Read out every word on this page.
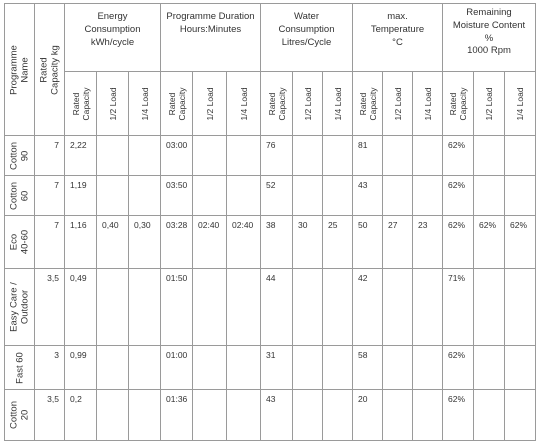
Programme Name	Rated Capacity kg	Energy
Consumption
kWh/cycle			Programme Duration
Hours:Minutes			Water
Consumption
Litres/Cycle			max.
Temperature
°C			Remaining
Moisture Content
%
1000 Rpm		

		Rated Capacity	1/2 Load	1/4 Load	Rated Capacity	1/2 Load	1/4 Load	Rated Capacity	1/2 Load	1/4 Load	Rated Capacity	1/2 Load	1/4 Load	Rated Capacity	1/2 Load	1/4 Load

Cotton 90	7	2,22			03:00			76			81			62%		

Cotton 60	7	1,19			03:50			52			43			62%		

Eco 40-60	7	1,16	0,40	0,30	03:28	02:40	02:40	38	30	25	50	27	23	62%	62%	62%

Easy Care / Outdoor	3,5	0,49			01:50			44			42			71%		

Fast 60	3	0,99			01:00			31			58			62%		

Cotton 20	3,5	0,2			01:36			43			20			62%		
